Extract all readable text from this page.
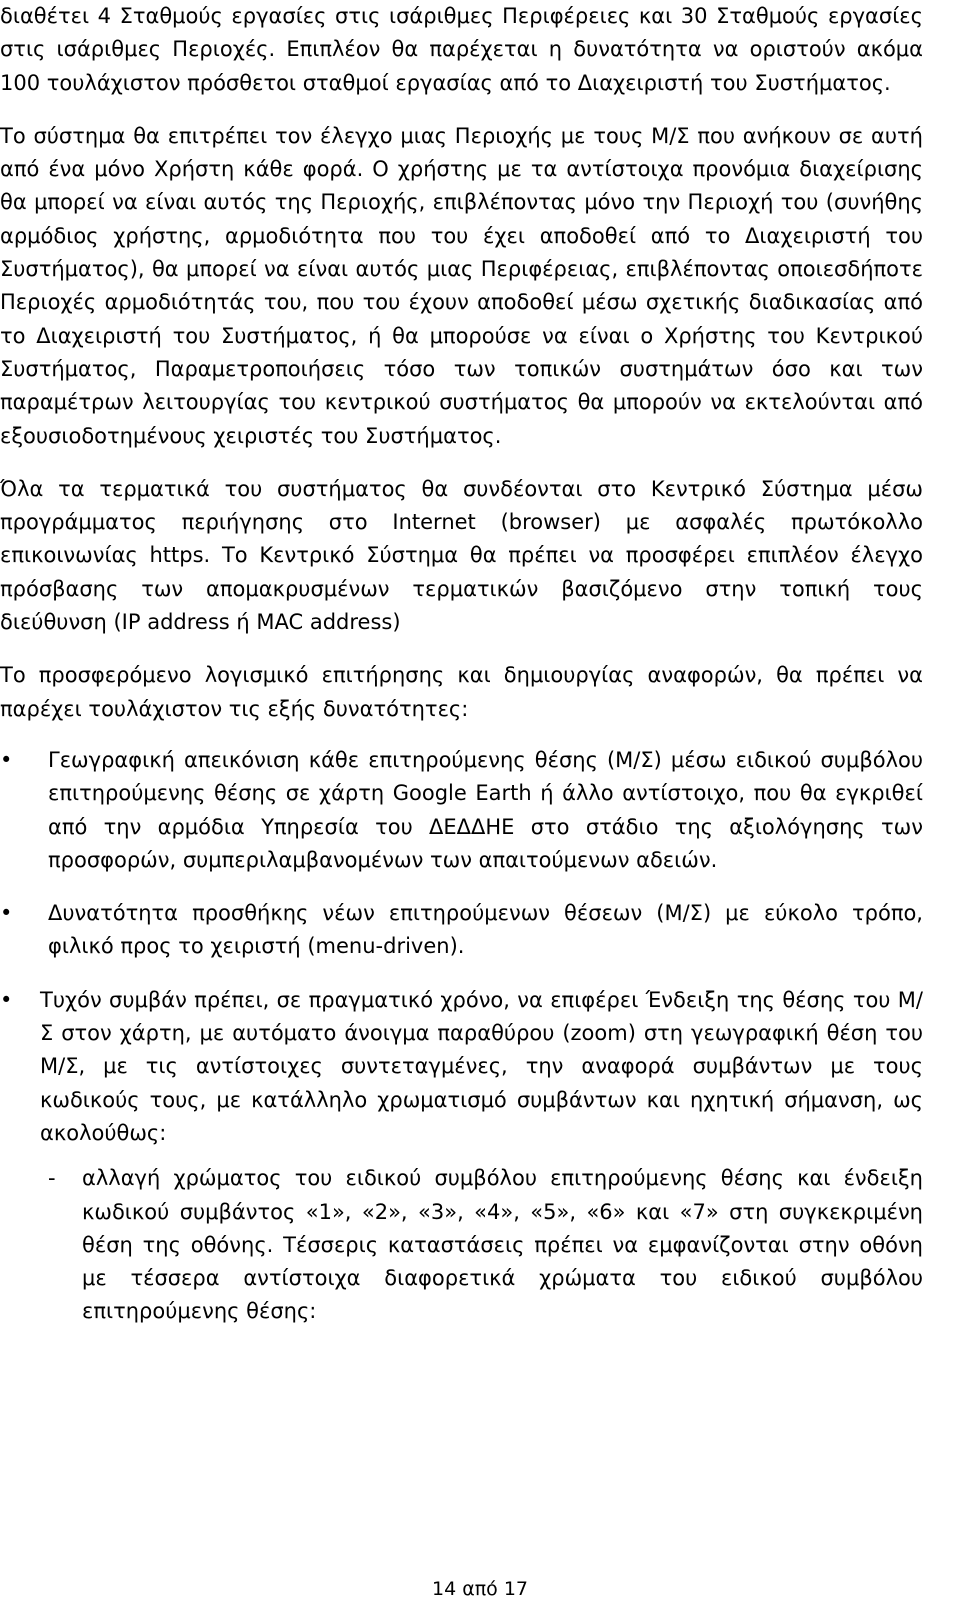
διαθέτει 4 Σταθμούς εργασίες στις ισάριθμες Περιφέρειες και 30 Σταθμούς εργασίες στις ισάριθμες Περιοχές. Επιπλέον θα παρέχεται η δυνατότητα να οριστούν ακόμα 100 τουλάχιστον πρόσθετοι σταθμοί εργασίας από το Διαχειριστή του Συστήματος.

Το σύστημα θα επιτρέπει τον έλεγχο μιας Περιοχής με τους Μ/Σ που ανήκουν σε αυτή από ένα μόνο Χρήστη κάθε φορά. Ο χρήστης με τα αντίστοιχα προνόμια διαχείρισης θα μπορεί να είναι αυτός της Περιοχής, επιβλέποντας μόνο την Περιοχή του (συνήθης αρμόδιος χρήστης, αρμοδιότητα που του έχει αποδοθεί από το Διαχειριστή του Συστήματος), θα μπορεί να είναι αυτός μιας Περιφέρειας, επιβλέποντας οποιεσδήποτε Περιοχές αρμοδιότητάς του, που του έχουν αποδοθεί μέσω σχετικής διαδικασίας από το Διαχειριστή του Συστήματος, ή θα μπορούσε να είναι ο Χρήστης του Κεντρικού Συστήματος, Παραμετροποιήσεις τόσο των τοπικών συστημάτων όσο και των παραμέτρων λειτουργίας του κεντρικού συστήματος θα μπορούν να εκτελούνται από εξουσιοδοτημένους χειριστές του Συστήματος.

Όλα τα τερματικά του συστήματος θα συνδέονται στο Κεντρικό Σύστημα μέσω προγράμματος περιήγησης στο Internet (browser) με ασφαλές πρωτόκολλο επικοινωνίας https. Το Κεντρικό Σύστημα θα πρέπει να προσφέρει επιπλέον έλεγχο πρόσβασης των απομακρυσμένων τερματικών βασιζόμενο στην τοπική τους διεύθυνση (IP address ή MAC address)

Το προσφερόμενο λογισμικό επιτήρησης και δημιουργίας αναφορών, θα πρέπει να παρέχει τουλάχιστον τις εξής δυνατότητες:

• Γεωγραφική απεικόνιση κάθε επιτηρούμενης θέσης (Μ/Σ) μέσω ειδικού συμβόλου επιτηρούμενης θέσης σε χάρτη Google Earth ή άλλο αντίστοιχο, που θα εγκριθεί από την αρμόδια Υπηρεσία του ΔΕΔΔΗΕ στο στάδιο της αξιολόγησης των προσφορών, συμπεριλαμβανομένων των απαιτούμενων αδειών.
• Δυνατότητα προσθήκης νέων επιτηρούμενων θέσεων (Μ/Σ) με εύκολο τρόπο, φιλικό προς το χειριστή (menu-driven).
• Τυχόν συμβάν πρέπει, σε πραγματικό χρόνο, να επιφέρει Ένδειξη της θέσης του Μ/Σ στον χάρτη, με αυτόματο άνοιγμα παραθύρου (zoom) στη γεωγραφική θέση του Μ/Σ, με τις αντίστοιχες συντεταγμένες, την αναφορά συμβάντων με τους κωδικούς τους, με κατάλληλο χρωματισμό συμβάντων και ηχητική σήμανση, ως ακολούθως:
- αλλαγή χρώματος του ειδικού συμβόλου επιτηρούμενης θέσης και ένδειξη κωδικού συμβάντος «1», «2», «3», «4», «5», «6» και «7» στη συγκεκριμένη θέση της οθόνης. Τέσσερις καταστάσεις πρέπει να εμφανίζονται στην οθόνη με τέσσερα αντίστοιχα διαφορετικά χρώματα του ειδικού συμβόλου επιτηρούμενης θέσης:
14 από 17
